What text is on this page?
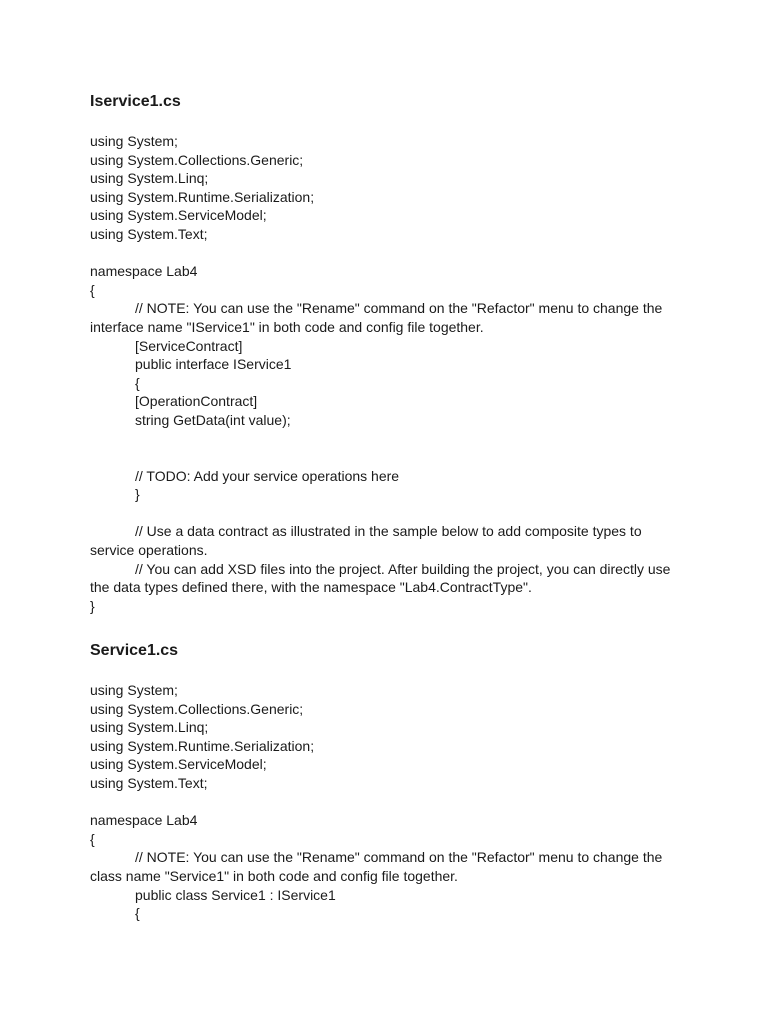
Iservice1.cs
using System;
using System.Collections.Generic;
using System.Linq;
using System.Runtime.Serialization;
using System.ServiceModel;
using System.Text;
namespace Lab4
{
// NOTE: You can use the "Rename" command on the "Refactor" menu to change the
interface name "IService1" in both code and config file together.
[ServiceContract]
public interface IService1
{
[OperationContract]
string GetData(int value);
// TODO: Add your service operations here
}
// Use a data contract as illustrated in the sample below to add composite types to
service operations.
// You can add XSD files into the project. After building the project, you can directly use
the data types defined there, with the namespace "Lab4.ContractType".
}
Service1.cs
using System;
using System.Collections.Generic;
using System.Linq;
using System.Runtime.Serialization;
using System.ServiceModel;
using System.Text;
namespace Lab4
{
// NOTE: You can use the "Rename" command on the "Refactor" menu to change the
class name "Service1" in both code and config file together.
public class Service1 : IService1
{
